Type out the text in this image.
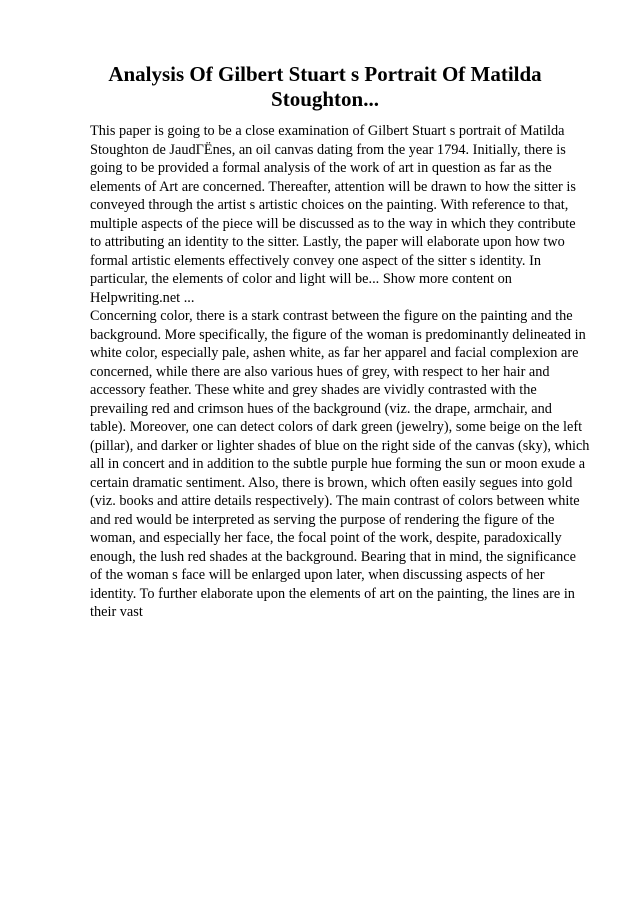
Analysis Of Gilbert Stuart s Portrait Of Matilda Stoughton...

This paper is going to be a close examination of Gilbert Stuart s portrait of Matilda Stoughton de JaudΓËnes, an oil canvas dating from the year 1794. Initially, there is going to be provided a formal analysis of the work of art in question as far as the elements of Art are concerned. Thereafter, attention will be drawn to how the sitter is conveyed through the artist s artistic choices on the painting. With reference to that, multiple aspects of the piece will be discussed as to the way in which they contribute to attributing an identity to the sitter. Lastly, the paper will elaborate upon how two formal artistic elements effectively convey one aspect of the sitter s identity. In particular, the elements of color and light will be... Show more content on Helpwriting.net ...

Concerning color, there is a stark contrast between the figure on the painting and the background. More specifically, the figure of the woman is predominantly delineated in white color, especially pale, ashen white, as far her apparel and facial complexion are concerned, while there are also various hues of grey, with respect to her hair and accessory feather. These white and grey shades are vividly contrasted with the prevailing red and crimson hues of the background (viz. the drape, armchair, and table). Moreover, one can detect colors of dark green (jewelry), some beige on the left (pillar), and darker or lighter shades of blue on the right side of the canvas (sky), which all in concert and in addition to the subtle purple hue forming the sun or moon exude a certain dramatic sentiment. Also, there is brown, which often easily segues into gold (viz. books and attire details respectively). The main contrast of colors between white and red would be interpreted as serving the purpose of rendering the figure of the woman, and especially her face, the focal point of the work, despite, paradoxically enough, the lush red shades at the background. Bearing that in mind, the significance of the woman s face will be enlarged upon later, when discussing aspects of her identity. To further elaborate upon the elements of art on the painting, the lines are in their vast
